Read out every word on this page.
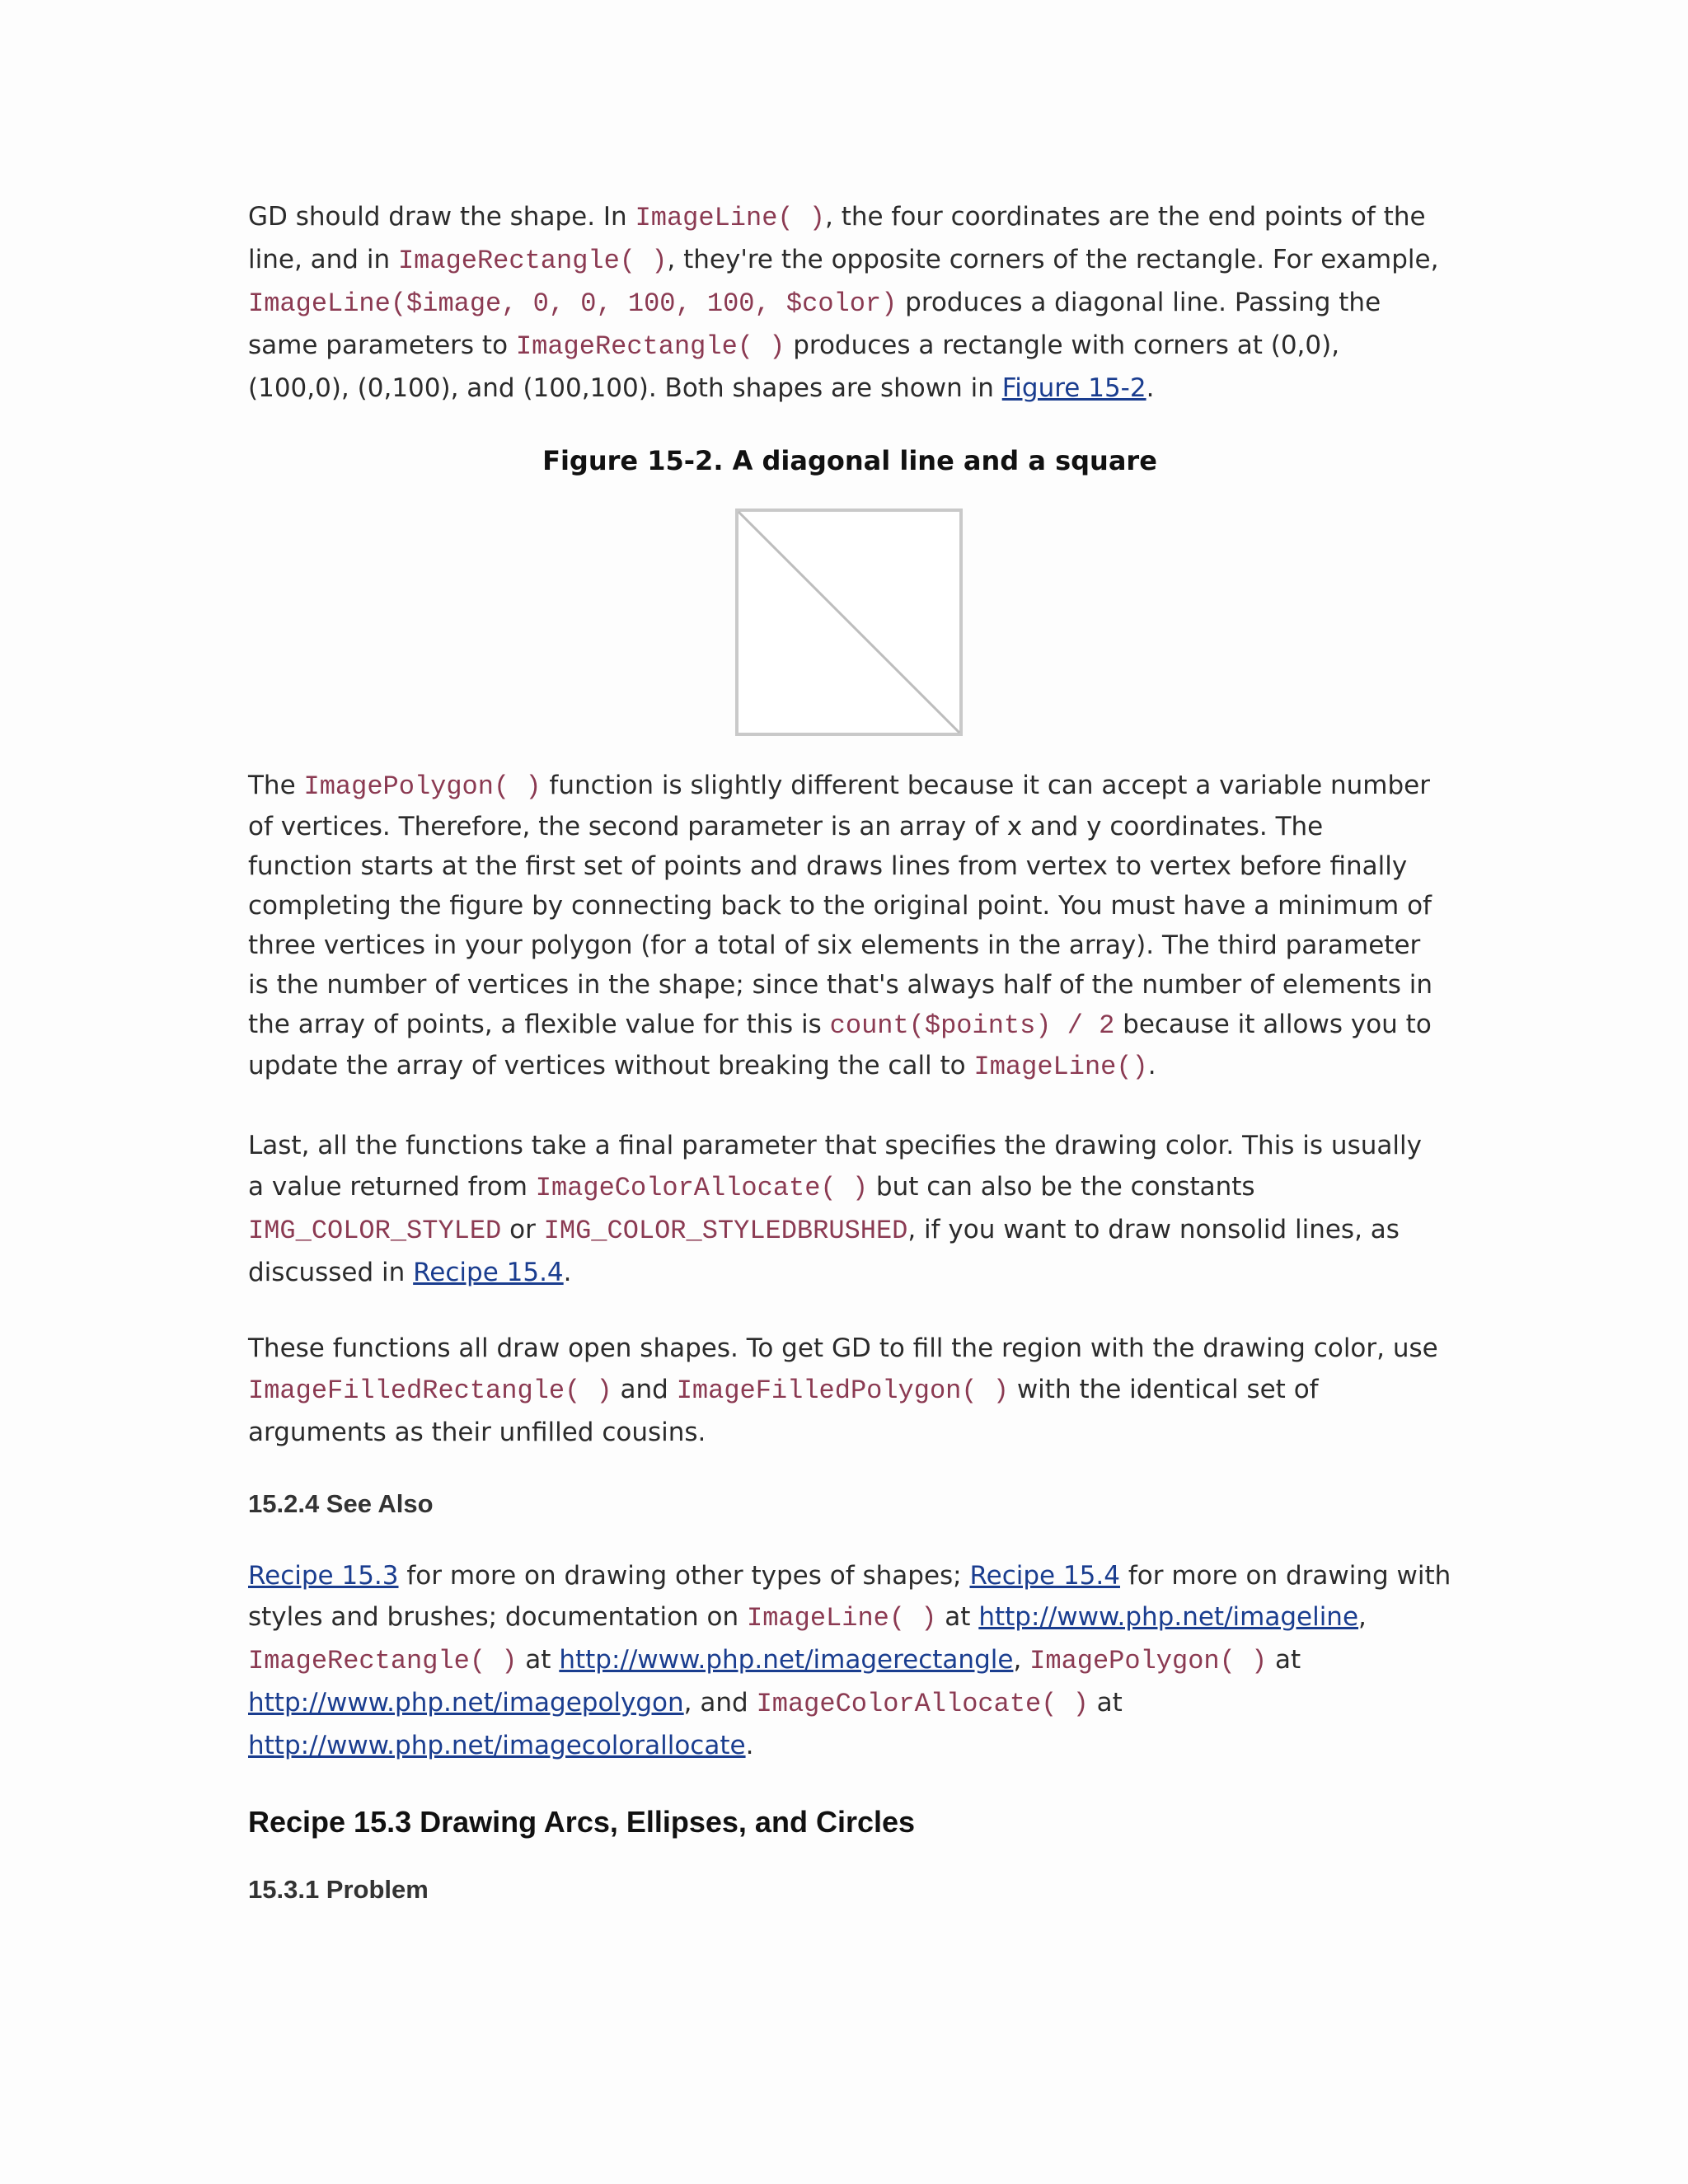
GD should draw the shape. In ImageLine( ), the four coordinates are the end points of the line, and in ImageRectangle( ), they're the opposite corners of the rectangle. For example, ImageLine($image, 0, 0, 100, 100, $color) produces a diagonal line. Passing the same parameters to ImageRectangle( ) produces a rectangle with corners at (0,0), (100,0), (0,100), and (100,100). Both shapes are shown in Figure 15-2.

Figure 15-2. A diagonal line and a square

The ImagePolygon( ) function is slightly different because it can accept a variable number of vertices. Therefore, the second parameter is an array of x and y coordinates. The function starts at the first set of points and draws lines from vertex to vertex before finally completing the figure by connecting back to the original point. You must have a minimum of three vertices in your polygon (for a total of six elements in the array). The third parameter is the number of vertices in the shape; since that's always half of the number of elements in the array of points, a flexible value for this is count($points) / 2 because it allows you to update the array of vertices without breaking the call to ImageLine().

Last, all the functions take a final parameter that specifies the drawing color. This is usually a value returned from ImageColorAllocate( ) but can also be the constants IMG_COLOR_STYLED or IMG_COLOR_STYLEDBRUSHED, if you want to draw nonsolid lines, as discussed in Recipe 15.4.

These functions all draw open shapes. To get GD to fill the region with the drawing color, use ImageFilledRectangle( ) and ImageFilledPolygon( ) with the identical set of arguments as their unfilled cousins.

15.2.4 See Also

Recipe 15.3 for more on drawing other types of shapes; Recipe 15.4 for more on drawing with styles and brushes; documentation on ImageLine( ) at http://www.php.net/imageline, ImageRectangle( ) at http://www.php.net/imagerectangle, ImagePolygon( ) at http://www.php.net/imagepolygon, and ImageColorAllocate( ) at http://www.php.net/imagecolorallocate.

Recipe 15.3 Drawing Arcs, Ellipses, and Circles
15.3.1 Problem
